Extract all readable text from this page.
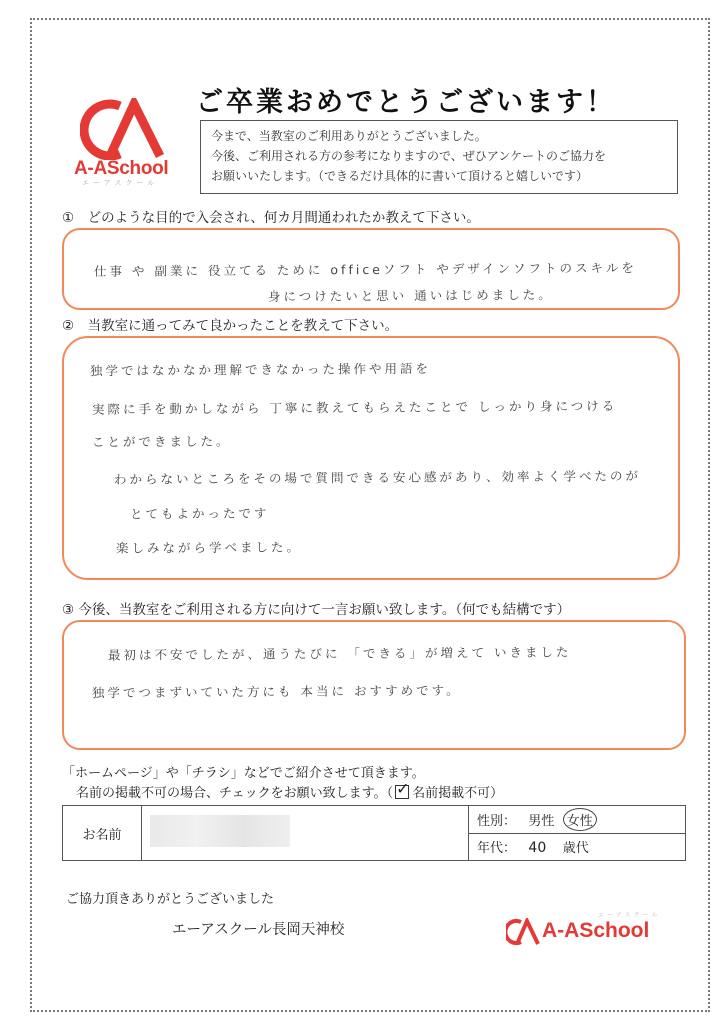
A-ASchool
エーアスクール
ご卒業おめでとうございます！
今まで、当教室のご利用ありがとうございました。
今後、ご利用される方の参考になりますので、ぜひアンケートのご協力を
お願いいたします。（できるだけ具体的に書いて頂けると嬉しいです）
①　どのような目的で入会され、何カ月間通われたか教えて下さい。
仕事 や 副業に 役立てる ために officeソフト やデザインソフトのスキルを
身につけたいと思い 通いはじめました。
②　当教室に通ってみて良かったことを教えて下さい。
独学ではなかなか理解できなかった操作や用語を
実際に手を動かしながら 丁寧に教えてもらえたことで しっかり身につける
ことができました。
わからないところをその場で質問できる安心感があり、効率よく学べたのが
とてもよかったです
楽しみながら学べました。
③ 今後、当教室をご利用される方に向けて一言お願い致します。（何でも結構です）
最初は不安でしたが、通うたびに 「できる」が増えて いきました
独学でつまずいていた方にも 本当に おすすめです。
「ホームページ」や「チラシ」などでご紹介させて頂きます。
名前の掲載不可の場合、チェックをお願い致します。（ ✓ 名前掲載不可）
お名前		性別： 男性 女性
年代： 40 歳代
ご協力頂きありがとうございました
エーアスクール長岡天神校
エーアスクール
A-ASchool
